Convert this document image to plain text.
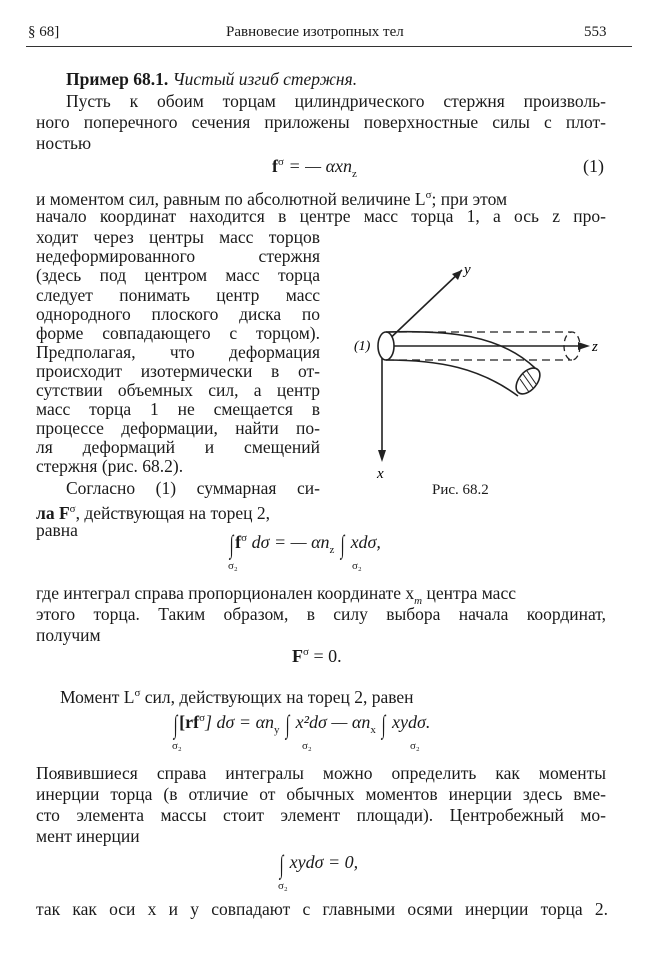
§ 68]	Равновесие изотропных тел	553
Пример 68.1. Чистый изгиб стержня.
Пусть к обоим торцам цилиндрического стержня произволь-
ного поперечного сечения приложены поверхностные силы с плот-
ностью
$f^\sigma$ = — αxn$_z$	(1)
и моментом сил, равным по абсолютной величине $L^\sigma$; при этом
начало координат находится в центре масс торца 1, а ось z про-
ходит через центры масс торцов
недеформированного стержня
(здесь под центром масс торца
следует понимать центр масс
однородного плоского диска по
форме совпадающего с торцом).
Предполагая, что деформация
происходит изотермически в от-
сутствии объемных сил, а центр
масс торца 1 не смещается в
процессе деформации, найти по-
ля деформаций и смещений
стержня (рис. 68.2).
Согласно (1) суммарная си-
ла $F^\sigma$, действующая на торец 2,
равна
y
z
x
(1)
Рис. 68.2
$\int f^\sigma$ dσ = — $\alpha n_z$ ∫ xdσ,
σ₂	σ₂
где интеграл справа пропорционален координате $x_m$ центра масс
этого торца. Таким образом, в силу выбора начала координат,
получим
$F^\sigma = 0$.
Момент $L^\sigma$ сил, действующих на торец 2, равен
$\int[rf^\sigma] d\sigma = \alpha n_y$ ∫ x²dσ — $\alpha n_x$ ∫ xydσ.
σ₂	σ₂	σ₂
Появившиеся справа интегралы можно определить как моменты
инерции торца (в отличие от обычных моментов инерции здесь вме-
сто элемента массы стоит элемент площади). Центробежный мо-
мент инерции
∫ xydσ = 0,
σ₂
так как оси x и y совпадают с главными осями инерции торца 2.
